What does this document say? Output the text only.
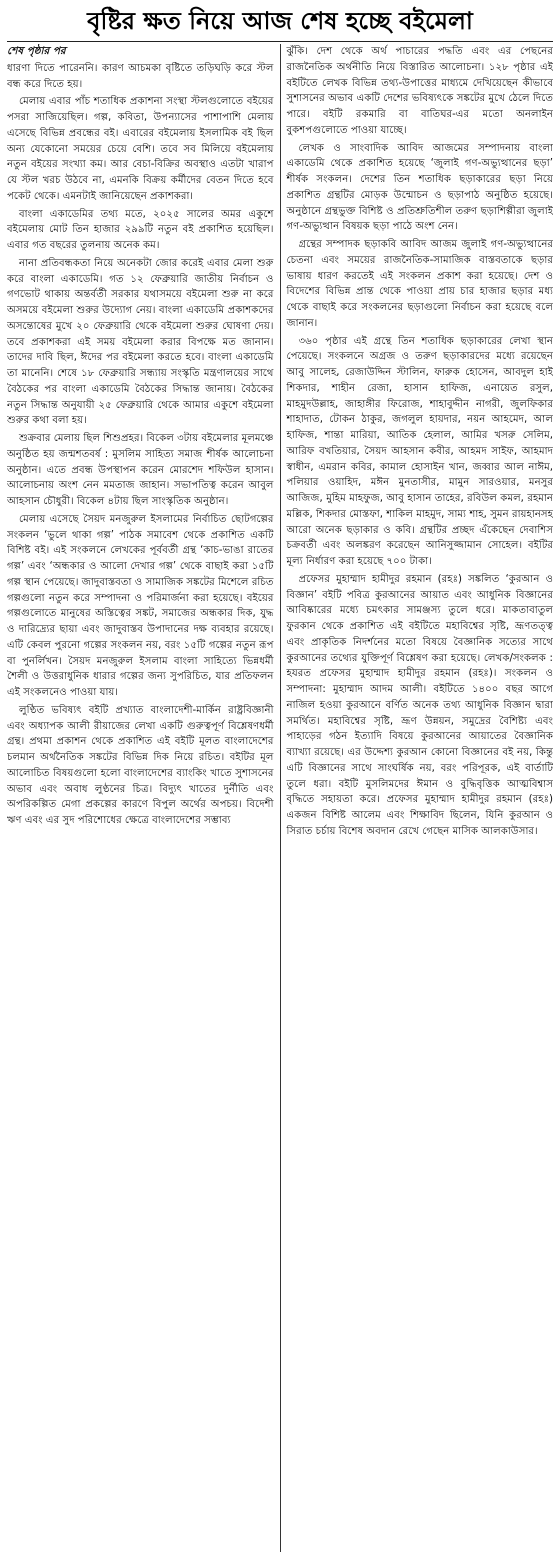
বৃষ্টির ক্ষত নিয়ে আজ শেষ হচ্ছে বইমেলা
শেষ পৃষ্ঠার পর

ধারণা দিতে পারেননি। কারণ আচমকা বৃষ্টিতে তড়িঘড়ি করে স্টল বন্ধ করে দিতে হয়।

মেলায় এবার পাঁচ শতাধিক প্রকাশনা সংস্থা স্টলগুলোতে বইয়ের পসরা সাজিয়েছিল। গল্প, কবিতা, উপন্যাসের পাশাপাশি মেলায় এসেছে বিভিন্ন প্রবন্ধের বই। এবারের বইমেলায় ইসলামিক বই ছিল অন্য যেকোনো সময়ের চেয়ে বেশি। তবে সব মিলিয়ে বইমেলায় নতুন বইয়ের সংখ্যা কম। আর বেচা-বিক্রির অবস্থাও এতটা খারাপ যে স্টল খরচ উঠবে না, এমনকি বিক্রয় কর্মীদের বেতন দিতে হবে পকেট থেকে। এমনটাই জানিয়েছেন প্রকাশকরা।

বাংলা একাডেমির তথ্য মতে, ২০২৫ সালের অমর একুশে বইমেলায় মোট তিন হাজার ২৯৯টি নতুন বই প্রকাশিত হয়েছিল। এবার গত বছরের তুলনায় অনেক কম।

নানা প্রতিবন্ধকতা নিয়ে অনেকটা জোর করেই এবার মেলা শুরু করে বাংলা একাডেমি। গত ১২ ফেব্রুয়ারি জাতীয় নির্বাচন ও গণভোট থাকায় অন্তর্বর্তী সরকার যথাসময়ে বইমেলা শুরু না করে অসময়ে বইমেলা শুরুর উদ্যোগ নেয়। বাংলা একাডেমি প্রকাশকদের অসন্তোষের মুখে ২০ ফেব্রুয়ারি থেকে বইমেলা শুরুর ঘোষণা দেয়। তবে প্রকাশকরা এই সময় বইমেলা করার বিপক্ষে মত জানান। তাদের দাবি ছিল, ঈদের পর বইমেলা করতে হবে। বাংলা একাডেমি তা মানেনি। শেষে ১৮ ফেব্রুয়ারি সন্ধ্যায় সংস্কৃতি মন্ত্রণালয়ের সাথে বৈঠকের পর বাংলা একাডেমি বৈঠকের সিদ্ধান্ত জানায়। বৈঠকের নতুন সিদ্ধান্ত অনুযায়ী ২৫ ফেব্রুয়ারি থেকে আমার একুশে বইমেলা শুরুর কথা বলা হয়।

শুক্রবার মেলায় ছিল শিশুপ্রহর। বিকেল ৩টায় বইমেলার মূলমঞ্চে অনুষ্ঠিত হয় জন্মশতবর্ষ : মুসলিম সাহিত্য সমাজ শীর্ষক আলোচনা অনুষ্ঠান। এতে প্রবন্ধ উপস্থাপন করেন মোরশেদ শফিউল হাসান। আলোচনায় অংশ নেন মমতাজ জাহান। সভাপতিত্ব করেন আবুল আহসান চৌধুরী। বিকেল ৪টায় ছিল সাংস্কৃতিক অনুষ্ঠান।

মেলায় এসেছে সৈয়দ মনজুরুল ইসলামের নির্বাচিত ছোটগল্পের সংকলন ‘ভুলে থাকা গল্প’ পাঠক সমাবেশ থেকে প্রকাশিত একটি বিশিষ্ট বই। এই সংকলনে লেখকের পূর্ববর্তী গ্রন্থ ‘কাচ-ভাঙা রাতের গল্প’ এবং ‘অন্ধকার ও আলো দেখার গল্প’ থেকে বাছাই করা ১৫টি গল্প স্থান পেয়েছে। জাদুবাস্তবতা ও সামাজিক সঙ্কটের মিশেলে রচিত গল্পগুলো নতুন করে সম্পাদনা ও পরিমার্জনা করা হয়েছে। বইয়ের গল্পগুলোতে মানুষের অস্তিত্বের সঙ্কট, সমাজের অন্ধকার দিক, যুদ্ধ ও দারিদ্র্যের ছায়া এবং জাদুবাস্তব উপাদানের দক্ষ ব্যবহার রয়েছে। এটি কেবল পুরনো গল্পের সংকলন নয়, বরং ১৫টি গল্পের নতুন রূপ বা পুনর্লিখন। সৈয়দ মনজুরুল ইসলাম বাংলা সাহিত্যে ভিন্নধর্মী শৈলী ও উত্তরাধুনিক ধারার গল্পের জন্য সুপরিচিত, যার প্রতিফলন এই সংকলনেও পাওয়া যায়।

লুণ্ঠিত ভবিষ্যৎ বইটি প্রখ্যাত বাংলাদেশী-মার্কিন রাষ্ট্রবিজ্ঞানী এবং অধ্যাপক আলী রীয়াজের লেখা একটি গুরুত্বপূর্ণ বিশ্লেষণধর্মী গ্রন্থ। প্রথমা প্রকাশন থেকে প্রকাশিত এই বইটি মূলত বাংলাদেশের চলমান অর্থনৈতিক সঙ্কটের বিভিন্ন দিক নিয়ে রচিত। বইটির মূল আলোচিত বিষয়গুলো হলো বাংলাদেশের ব্যাংকিং খাতে সুশাসনের অভাব এবং অবাধ লুণ্ঠনের চিত্র। বিদ্যুৎ খাতের দুর্নীতি এবং অপরিকল্পিত মেগা প্রকল্পের কারণে বিপুল অর্থের অপচয়। বিদেশী ঋণ এবং এর সুদ পরিশোধের ক্ষেত্রে বাংলাদেশের সম্ভাব্য

ঝুঁকি। দেশ থেকে অর্থ পাচারের পদ্ধতি এবং এর পেছনের রাজনৈতিক অর্থনীতি নিয়ে বিস্তারিত আলোচনা। ১২৮ পৃষ্ঠার এই বইটিতে লেখক বিভিন্ন তথ্য-উপাত্তের মাধ্যমে দেখিয়েছেন কীভাবে সুশাসনের অভাব একটি দেশের ভবিষ্যৎকে সঙ্কটের মুখে ঠেলে দিতে পারে। বইটি রকমারি বা বাতিঘর-এর মতো অনলাইন বুকশপগুলোতে পাওয়া যাচ্ছে।

লেখক ও সাংবাদিক আবিদ আজমের সম্পাদনায় বাংলা একাডেমি থেকে প্রকাশিত হয়েছে ‘জুলাই গণ-অভ্যুত্থানের ছড়া’ শীর্ষক সংকলন। দেশের তিন শতাধিক ছড়াকারের ছড়া নিয়ে প্রকাশিত গ্রন্থটির মোড়ক উন্মোচন ও ছড়াপাঠ অনুষ্ঠিত হয়েছে। অনুষ্ঠানে গ্রন্থভুক্ত বিশিষ্ট ও প্রতিশ্রুতিশীল তরুণ ছড়াশিল্পীরা জুলাই গণ-অভ্যুত্থান বিষয়ক ছড়া পাঠে অংশ নেন।

গ্রন্থের সম্পাদক ছড়াকবি আবিদ আজম জুলাই গণ-অভ্যুত্থানের চেতনা এবং সময়ের রাজনৈতিক-সামাজিক বাস্তবতাকে ছড়ার ভাষায় ধারণ করতেই এই সংকলন প্রকাশ করা হয়েছে। দেশ ও বিদেশের বিভিন্ন প্রান্ত থেকে পাওয়া প্রায় চার হাজার ছড়ার মধ্য থেকে বাছাই করে সংকলনের ছড়াগুলো নির্বাচন করা হয়েছে বলে জানান।

৩৬০ পৃষ্ঠার এই গ্রন্থে তিন শতাধিক ছড়াকারের লেখা স্থান পেয়েছে। সংকলনে অগ্রজ ও তরুণ ছড়াকারদের মধ্যে রয়েছেন আবু সালেহ, রেজাউদ্দিন স্টালিন, ফারুক হোসেন, আবদুল হাই শিকদার, শাহীন রেজা, হাসান হাফিজ, এনায়েত রসুল, মাহমুদউল্লাহ, জাহাঙ্গীর ফিরোজ, শাহাবুদ্দীন নাগরী, জুলফিকার শাহাদাত, টোকন ঠাকুর, জগলুল হায়দার, নয়ন আহমেদ, আল হাফিজ, শান্তা মারিয়া, আতিক হেলাল, আমির খসরু সেলিম, আরিফ বখতিয়ার, সৈয়দ আহসান কবীর, আহমদ সাইফ, আহমাদ স্বাধীন, এমরান কবির, কামাল হোসাইন খান, জব্বার আল নাঈম, পলিয়ার ওয়াহিদ, মঈন মুনতাসীর, মামুন সারওয়ার, মনসুর আজিজ, মুহিম মাহফুজ, আবু হাসান তাহের, রবিউল কমল, রহমান মল্লিক, শিকদার মোস্তফা, শাকিল মাহমুদ, সাম্য শাহ, সুমন রায়হানসহ আরো অনেক ছড়াকার ও কবি। গ্রন্থটির প্রচ্ছদ এঁকেছেন দেবাশিস চক্রবর্তী এবং অলঙ্করণ করেছেন আনিসুজ্জামান সোহেল। বইটির মূল্য নির্ধারণ করা হয়েছে ৭০০ টাকা।

প্রফেসর মুহাম্মাদ হামীদুর রহমান (রহঃ) সঙ্কলিত ‘কুরআন ও বিজ্ঞান’ বইটি পবিত্র কুরআনের আয়াত এবং আধুনিক বিজ্ঞানের আবিষ্কারের মধ্যে চমৎকার সামঞ্জস্য তুলে ধরে। মাকতাবাতুল ফুরকান থেকে প্রকাশিত এই বইটিতে মহাবিশ্বের সৃষ্টি, ভ্রূণতত্ত্ব এবং প্রাকৃতিক নিদর্শনের মতো বিষয়ে বৈজ্ঞানিক সত্যের সাথে কুরআনের তথ্যের যুক্তিপূর্ণ বিশ্লেষণ করা হয়েছে। লেখক/সংকলক : হযরত প্রফেসর মুহাম্মাদ হামীদুর রহমান (রহঃ)। সংকলন ও সম্পাদনা: মুহাম্মাদ আদম আলী। বইটিতে ১৪০০ বছর আগে নাজিল হওয়া কুরআনে বর্ণিত অনেক তথ্য আধুনিক বিজ্ঞান দ্বারা সমর্থিত। মহাবিশ্বের সৃষ্টি, ভ্রূণ উন্নয়ন, সমুদ্রের বৈশিষ্ট্য এবং পাহাড়ের গঠন ইত্যাদি বিষয়ে কুরআনের আয়াতের বৈজ্ঞানিক ব্যাখ্যা রয়েছে। এর উদ্দেশ্য কুরআন কোনো বিজ্ঞানের বই নয়, কিন্তু এটি বিজ্ঞানের সাথে সাংঘর্ষিক নয়, বরং পরিপূরক, এই বার্তাটি তুলে ধরা। বইটি মুসলিমদের ঈমান ও বুদ্ধিবৃত্তিক আত্মবিশ্বাস বৃদ্ধিতে সহায়তা করে। প্রফেসর মুহাম্মাদ হামীদুর রহমান (রহঃ) একজন বিশিষ্ট আলেম এবং শিক্ষাবিদ ছিলেন, যিনি কুরআন ও সিরাত চর্চায় বিশেষ অবদান রেখে গেছেন মাসিক আলকাউসার।
